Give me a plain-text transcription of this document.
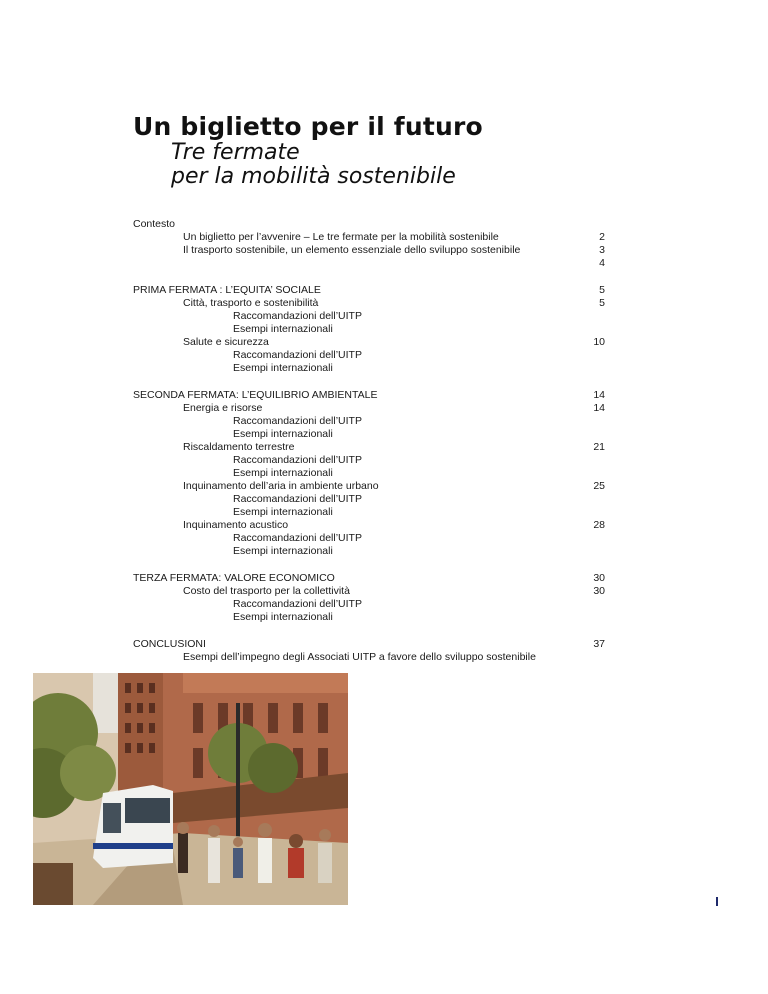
Un biglietto per il futuro
Tre fermate
per la mobilità sostenibile
Contesto
Un biglietto per l’avvenire – Le tre fermate per la mobilità sostenibile	2
Il trasporto sostenibile, un elemento essenziale dello sviluppo sostenibile	3
4
PRIMA FERMATA : L’EQUITA’ SOCIALE	5
Città, trasporto e sostenibilità	5
Raccomandazioni dell’UITP
Esempi internazionali
Salute e sicurezza	10
Raccomandazioni dell’UITP
Esempi internazionali
SECONDA FERMATA: L’EQUILIBRIO AMBIENTALE	14
Energia e risorse	14
Raccomandazioni dell’UITP
Esempi internazionali
Riscaldamento terrestre	21
Raccomandazioni dell’UITP
Esempi internazionali
Inquinamento dell’aria in ambiente urbano	25
Raccomandazioni dell’UITP
Esempi internazionali
Inquinamento acustico	28
Raccomandazioni dell’UITP
Esempi internazionali
TERZA FERMATA: VALORE ECONOMICO	30
Costo del trasporto per la collettività	30
Raccomandazioni dell’UITP
Esempi internazionali
CONCLUSIONI	37
Esempi dell’impegno degli Associati UITP a favore dello sviluppo sostenibile
